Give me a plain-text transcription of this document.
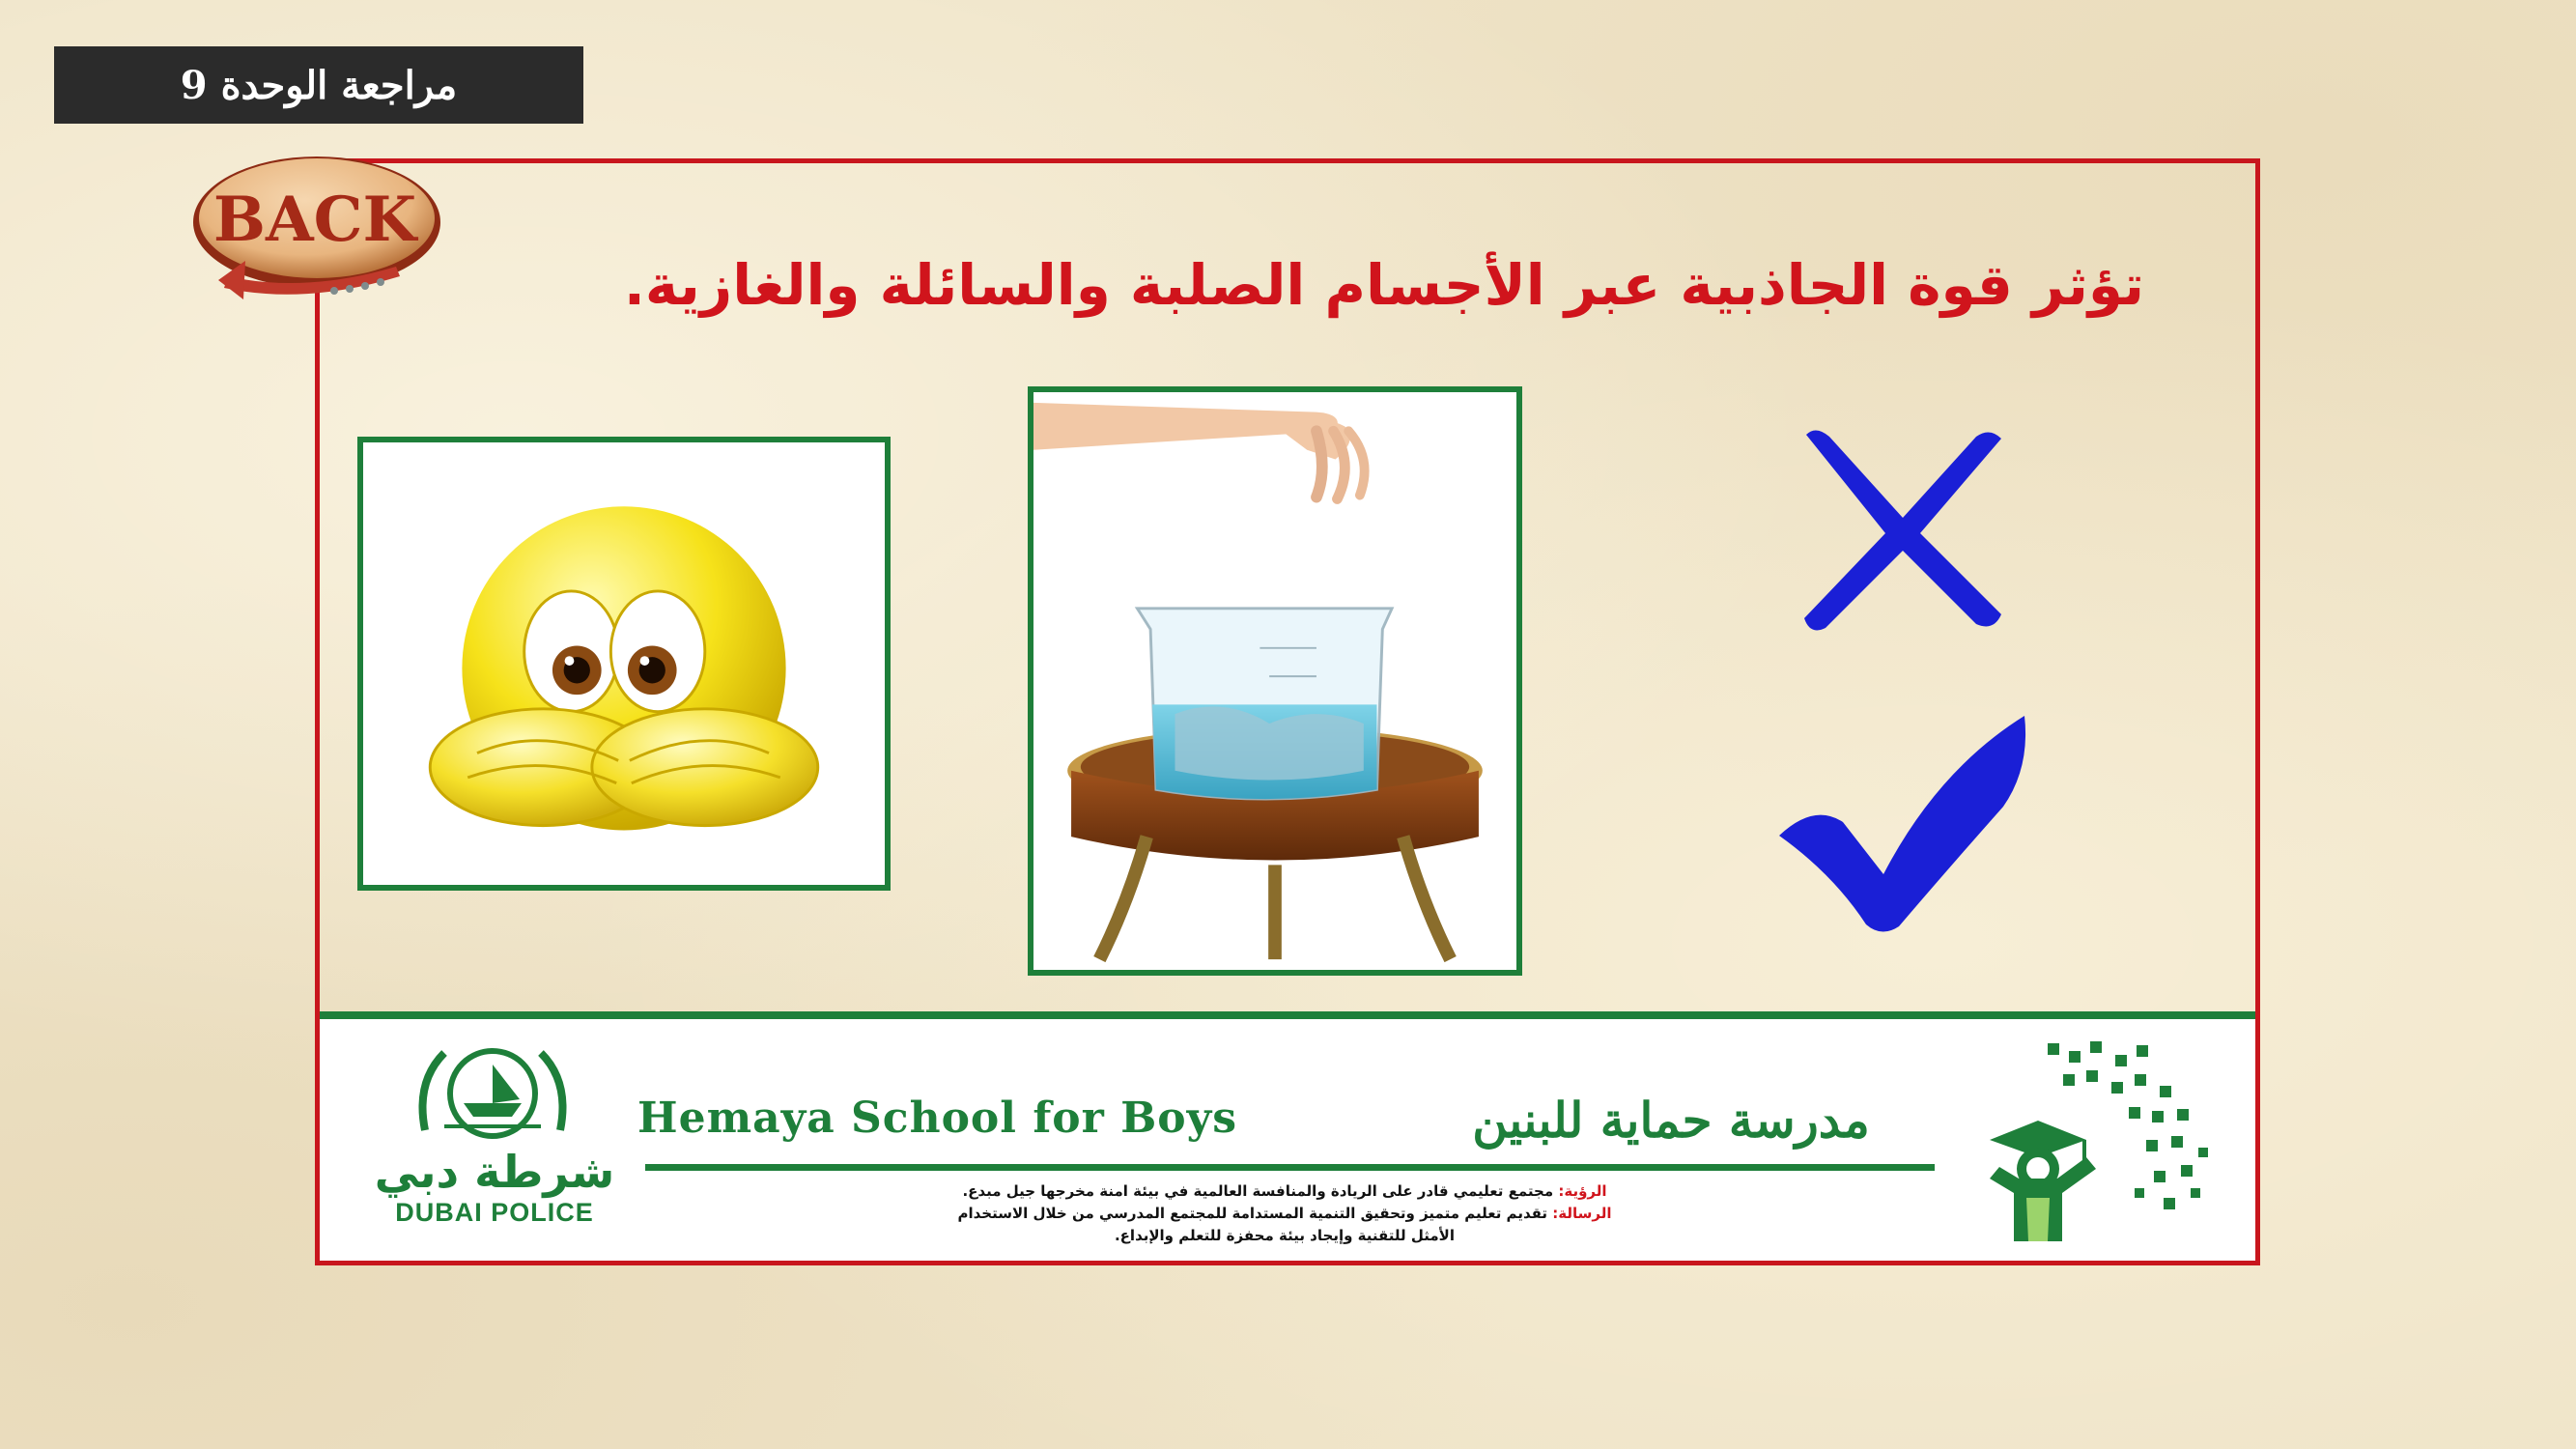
مراجعة الوحدة 9
BACK
تؤثر قوة الجاذبية عبر الأجسام الصلبة والسائلة والغازية.
شرطة دبي
DUBAI POLICE
Hemaya School for Boys	مدرسة حماية للبنين
الرؤية: مجتمع تعليمي قادر على الريادة والمنافسة العالمية في بيئة امنة مخرجها جيل مبدع.
الرسالة: تقديم تعليم متميز وتحقيق التنمية المستدامة للمجتمع المدرسي من خلال الاستخدام
الأمثل للتقنية وإيجاد بيئة محفزة للتعلم والإبداع.
